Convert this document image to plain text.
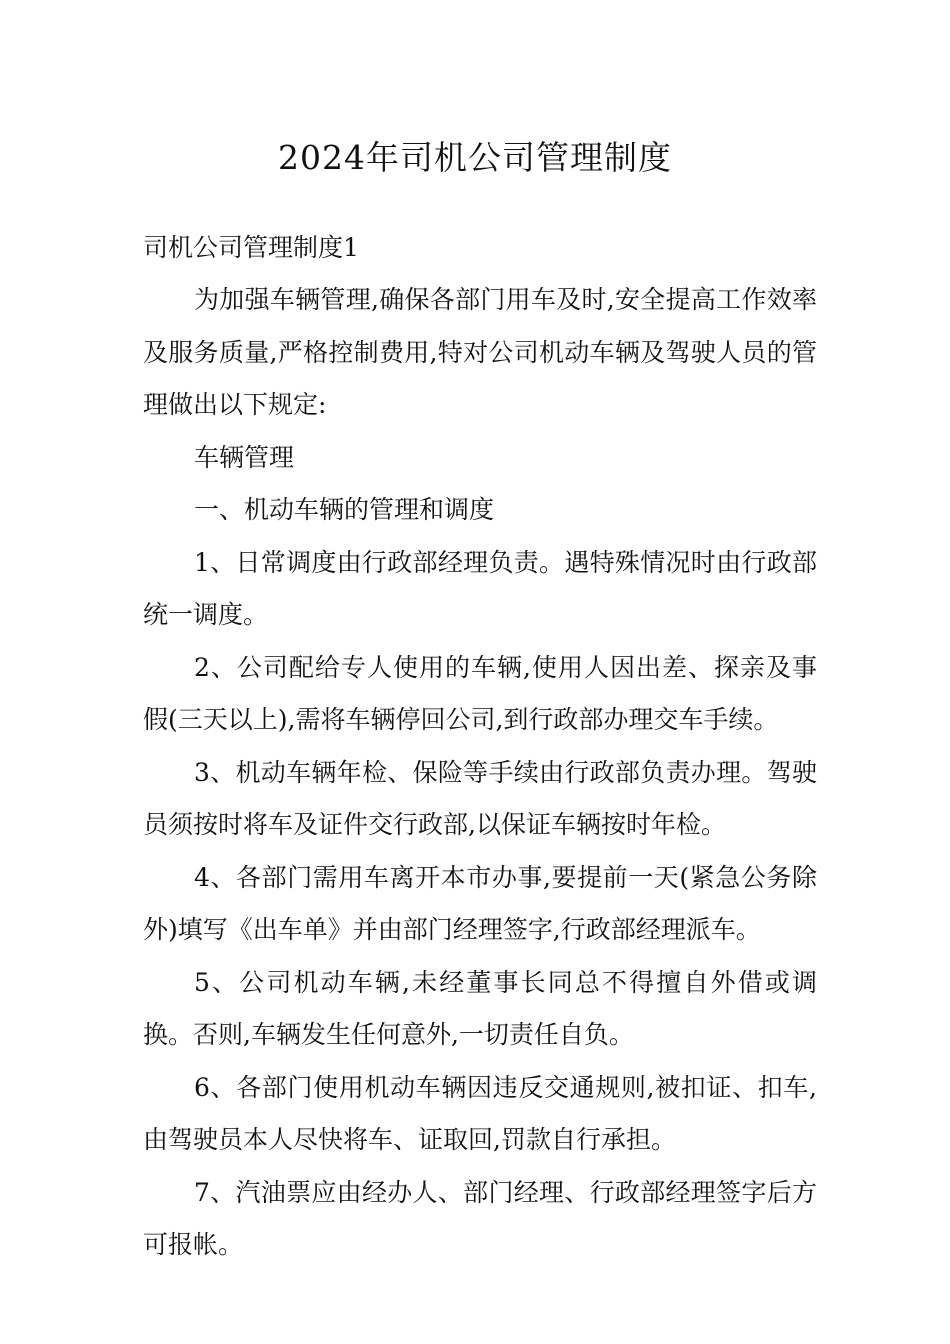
2024年司机公司管理制度

司机公司管理制度1

为加强车辆管理,确保各部门用车及时,安全提高工作效率及服务质量,严格控制费用,特对公司机动车辆及驾驶人员的管理做出以下规定:

车辆管理

一、机动车辆的管理和调度

1、日常调度由行政部经理负责。遇特殊情况时由行政部统一调度。

2、公司配给专人使用的车辆,使用人因出差、探亲及事假(三天以上),需将车辆停回公司,到行政部办理交车手续。

3、机动车辆年检、保险等手续由行政部负责办理。驾驶员须按时将车及证件交行政部,以保证车辆按时年检。

4、各部门需用车离开本市办事,要提前一天(紧急公务除外)填写《出车单》并由部门经理签字,行政部经理派车。

5、公司机动车辆,未经董事长同总不得擅自外借或调换。否则,车辆发生任何意外,一切责任自负。

6、各部门使用机动车辆因违反交通规则,被扣证、扣车,由驾驶员本人尽快将车、证取回,罚款自行承担。

7、汽油票应由经办人、部门经理、行政部经理签字后方可报帐。
